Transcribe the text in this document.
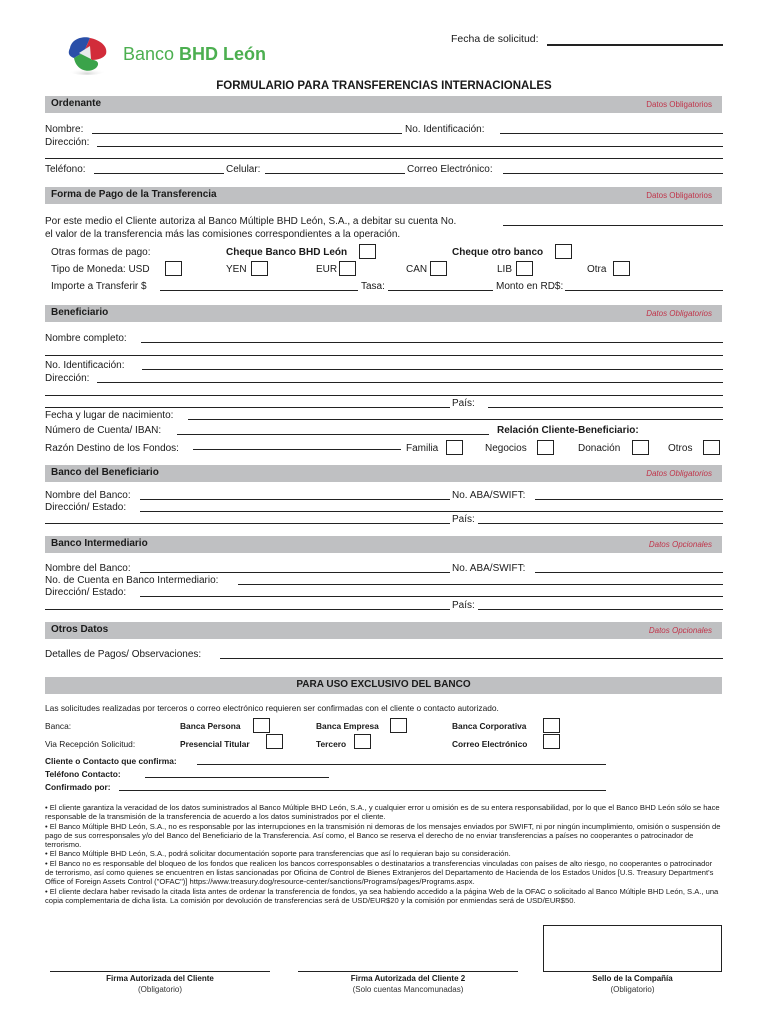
Banco BHD León
Fecha de solicitud:
FORMULARIO PARA TRANSFERENCIAS INTERNACIONALES
Ordenante	Datos Obligatorios
Nombre:	No. Identificación:
Dirección:
Teléfono:	Celular:	Correo Electrónico:
Forma de Pago de la Transferencia	Datos Obligatorios
Por este medio el Cliente autoriza al Banco Múltiple BHD León, S.A., a debitar su cuenta No.
el valor de la transferencia más las comisiones correspondientes a la operación.
Otras formas de pago:	Cheque Banco BHD León	Cheque otro banco
Tipo de Moneda: USD	YEN	EUR	CAN	LIB	Otra
Importe a Transferir $	Tasa:	Monto en RD$:
Beneficiario	Datos Obligatorios
Nombre completo:
No. Identificación:
Dirección:
País:
Fecha y lugar de nacimiento:
Número de Cuenta/ IBAN:	Relación Cliente-Beneficiario:
Razón Destino de los Fondos:	Familia	Negocios	Donación	Otros
Banco del Beneficiario	Datos Obligatorios
Nombre del Banco:	No. ABA/SWIFT:
Dirección/ Estado:
País:
Banco Intermediario	Datos Opcionales
Nombre del Banco:	No. ABA/SWIFT:
No. de Cuenta en Banco Intermediario:
Dirección/ Estado:
País:
Otros Datos	Datos Opcionales
Detalles de Pagos/ Observaciones:
PARA USO EXCLUSIVO DEL BANCO
Las solicitudes realizadas por terceros o correo electrónico requieren ser confirmadas con el cliente o contacto autorizado.
Banca:	Banca Persona	Banca Empresa	Banca Corporativa
Via Recepción Solicitud:	Presencial Titular	Tercero	Correo Electrónico
Cliente o Contacto que confirma:
Teléfono Contacto:
Confirmado por:
• El cliente garantiza la veracidad de los datos suministrados al Banco Múltiple BHD León, S.A., y cualquier error u omisión es de su entera responsabilidad, por lo que el Banco BHD León sólo se hace responsable de la transmisión de la transferencia de acuerdo a los datos suministrados por el cliente.
• El Banco Múltiple BHD León, S.A., no es responsable por las interrupciones en la transmisión ni demoras de los mensajes enviados por SWIFT, ni por ningún incumplimiento, omisión o suspensión de pago de sus corresponsales y/o del Banco del Beneficiario de la Transferencia. Así como, el Banco se reserva el derecho de no enviar transferencias a países no cooperantes o patrocinador de terrorismo.
• El Banco Múltiple BHD León, S.A., podrá solicitar documentación soporte para transferencias que así lo requieran bajo su consideración.
• El Banco no es responsable del bloqueo de los fondos que realicen los bancos corresponsables o destinatarios a transferencias vinculadas con países de alto riesgo, no cooperantes o patrocinador de terrorismo, así como quienes se encuentren en listas sancionadas por Oficina de Control de Bienes Extranjeros del Departamento de Hacienda de los Estados Unidos [U.S. Treasury Department's Office of Foreign Assets Control ("OFAC")] https://www.treasury.dog/resource-center/sanctions/Programs/pages/Programs.aspx.
• El cliente declara haber revisado la citada lista antes de ordenar la transferencia de fondos, ya sea habiendo accedido a la página Web de la OFAC o solicitado al Banco Múltiple BHD León, S.A., una copia complementaria de dicha lista. La comisión por devolución de transferencias será de USD/EUR$20 y la comisión por enmiendas será de USD/EUR$50.
Firma Autorizada del Cliente
(Obligatorio)
Firma Autorizada del Cliente 2
(Solo cuentas Mancomunadas)
Sello de la Compañía
(Obligatorio)
